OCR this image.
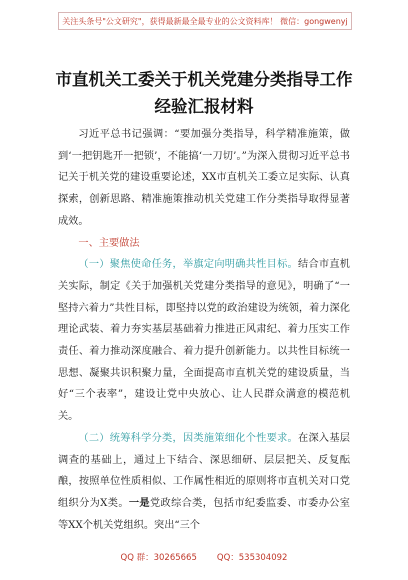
关注头条号"公文研究"，获得最新最全最专业的公文资料库！ 微信：gongwenyj
市直机关工委关于机关党建分类指导工作
经验汇报材料

习近平总书记强调：“要加强分类指导，科学精准施策，做到‘一把钥匙开一把锁’，不能搞‘一刀切’。”为深入贯彻习近平总书记关于机关党的建设重要论述，XX市直机关工委立足实际、认真探索，创新思路、精准施策推动机关党建工作分类指导取得显著成效。

一、主要做法

（一）聚焦使命任务，举旗定向明确共性目标。结合市直机关实际，制定《关于加强机关党建分类指导的意见》，明确了“一堅持六着力”共性目标，即堅持以党的政治建设为统领，着力深化理论武装、着力夯实基层基础着力推进正风肃纪、着力压实工作责任、着力推动深度融合、着力提升创新能力。以共性目标统一思想、凝聚共识积聚力量，全面提高市直机关党的建设质量，当好“三个表率”，建设让党中央放心、让人民群众满意的模范机关。

（二）统筹科学分类，因类施策细化个性要求。在深入基层调查的基础上，通过上下结合、深思细研、层层把关、反复酝酿，按照单位性质相似、工作属性相近的原则将市直机关对口党组织分为X类。一是党政综合类，包括市纪委监委、市委办公室等XX个机关党组织。突出“三个

QQ 群：30265665 QQ：535304092
